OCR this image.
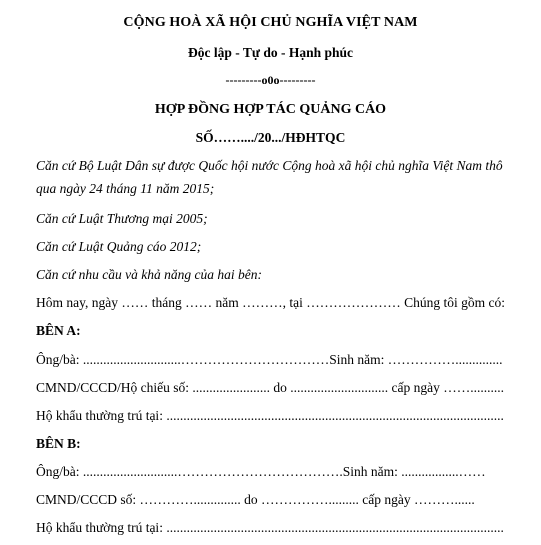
CỘNG HOÀ XÃ HỘI CHỦ NGHĨA VIỆT NAM
Độc lập - Tự do - Hạnh phúc
---------o0o---------
HỢP ĐỒNG HỢP TÁC QUẢNG CÁO
SỐ……..../20.../HĐHTQC
Căn cứ Bộ Luật Dân sự được Quốc hội nước Cộng hoà xã hội chủ nghĩa Việt Nam thô
qua ngày 24 tháng 11 năm 2015;
Căn cứ Luật Thương mại 2005;
Căn cứ Luật Quảng cáo 2012;
Căn cứ nhu cầu và khả năng của hai bên:
Hôm nay, ngày …… tháng …… năm ………, tại ………………… Chúng tôi gồm có:
BÊN A:
Ông/bà: .............................……………………………Sinh năm: ……………..............
CMND/CCCD/Hộ chiếu số: ....................... do ............................. cấp ngày ……..........
Hộ khẩu thường trú tại: ....................................................................................................
BÊN B:
Ông/bà: ............................……………………………….Sinh năm: .................……
CMND/CCCD số: ………….............. do ……………......... cấp ngày ………......
Hộ khẩu thường trú tại: ....................................................................................................
